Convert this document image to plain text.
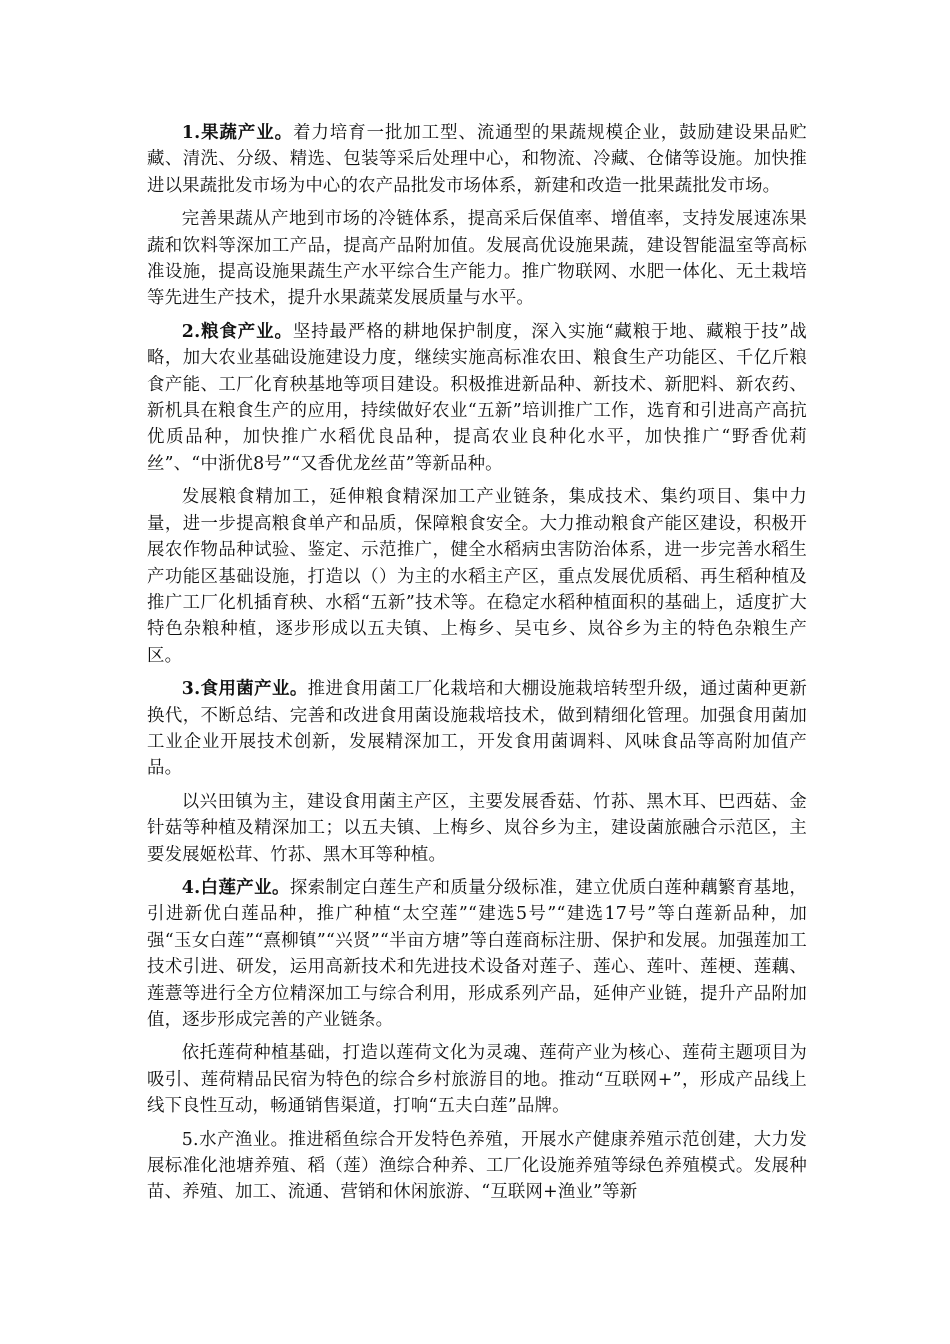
1.果蔬产业。着力培育一批加工型、流通型的果蔬规模企业，鼓励建设果品贮藏、清洗、分级、精选、包装等采后处理中心，和物流、冷藏、仓储等设施。加快推进以果蔬批发市场为中心的农产品批发市场体系，新建和改造一批果蔬批发市场。

完善果蔬从产地到市场的冷链体系，提高采后保值率、增值率，支持发展速冻果蔬和饮料等深加工产品，提高产品附加值。发展高优设施果蔬，建设智能温室等高标准设施，提高设施果蔬生产水平综合生产能力。推广物联网、水肥一体化、无土栽培等先进生产技术，提升水果蔬菜发展质量与水平。

2.粮食产业。坚持最严格的耕地保护制度，深入实施“藏粮于地、藏粮于技”战略，加大农业基础设施建设力度，继续实施高标准农田、粮食生产功能区、千亿斤粮食产能、工厂化育秧基地等项目建设。积极推进新品种、新技术、新肥料、新农药、新机具在粮食生产的应用，持续做好农业“五新”培训推广工作，选育和引进高产高抗优质品种，加快推广水稻优良品种，提高农业良种化水平，加快推广“野香优莉丝”、“中浙优8号”“又香优龙丝苗”等新品种。

发展粮食精加工，延伸粮食精深加工产业链条，集成技术、集约项目、集中力量，进一步提高粮食单产和品质，保障粮食安全。大力推动粮食产能区建设，积极开展农作物品种试验、鉴定、示范推广，健全水稻病虫害防治体系，进一步完善水稻生产功能区基础设施，打造以（）为主的水稻主产区，重点发展优质稻、再生稻种植及推广工厂化机插育秧、水稻“五新”技术等。在稳定水稻种植面积的基础上，适度扩大特色杂粮种植，逐步形成以五夫镇、上梅乡、吴屯乡、岚谷乡为主的特色杂粮生产区。

3.食用菌产业。推进食用菌工厂化栽培和大棚设施栽培转型升级，通过菌种更新换代，不断总结、完善和改进食用菌设施栽培技术，做到精细化管理。加强食用菌加工业企业开展技术创新，发展精深加工，开发食用菌调料、风味食品等高附加值产品。

以兴田镇为主，建设食用菌主产区，主要发展香菇、竹荪、黑木耳、巴西菇、金针菇等种植及精深加工；以五夫镇、上梅乡、岚谷乡为主，建设菌旅融合示范区，主要发展姬松茸、竹荪、黑木耳等种植。

4.白莲产业。探索制定白莲生产和质量分级标准，建立优质白莲种藕繁育基地，引进新优白莲品种，推广种植“太空莲”“建选5号”“建选17号”等白莲新品种，加强“玉女白莲”“熹柳镇”“兴贤”“半亩方塘”等白莲商标注册、保护和发展。加强莲加工技术引进、研发，运用高新技术和先进技术设备对莲子、莲心、莲叶、莲梗、莲藕、莲薏等进行全方位精深加工与综合利用，形成系列产品，延伸产业链，提升产品附加值，逐步形成完善的产业链条。

依托莲荷种植基础，打造以莲荷文化为灵魂、莲荷产业为核心、莲荷主题项目为吸引、莲荷精品民宿为特色的综合乡村旅游目的地。推动“互联网+”，形成产品线上线下良性互动，畅通销售渠道，打响“五夫白莲”品牌。

5.水产渔业。推进稻鱼综合开发特色养殖，开展水产健康养殖示范创建，大力发展标准化池塘养殖、稻（莲）渔综合种养、工厂化设施养殖等绿色养殖模式。发展种苗、养殖、加工、流通、营销和休闲旅游、“互联网+渔业”等新
